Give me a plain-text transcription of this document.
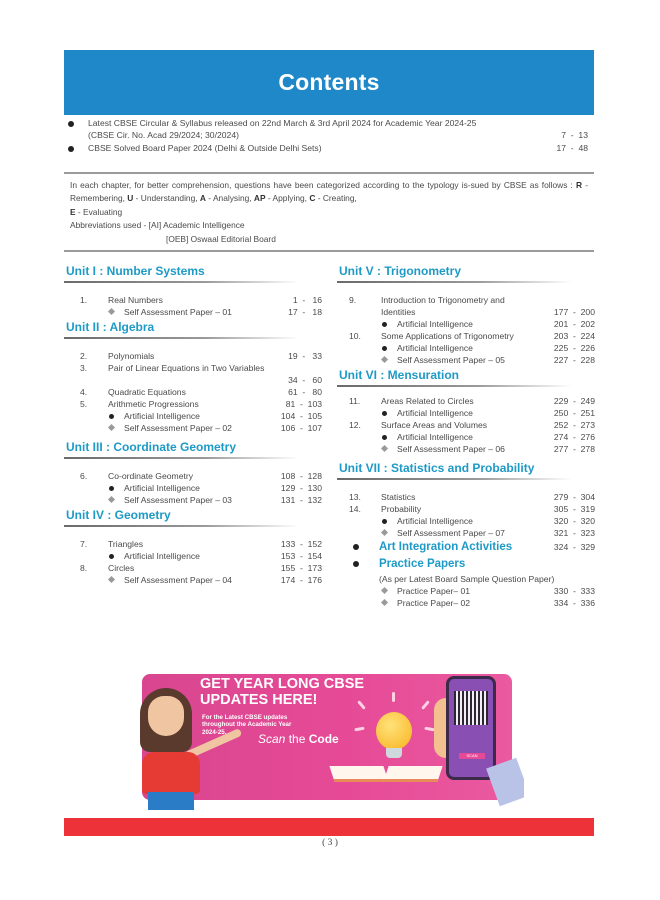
Contents
Latest CBSE Circular & Syllabus released on 22nd March & 3rd April 2024 for Academic Year 2024-25
(CBSE Cir. No. Acad 29/2024; 30/2024)	7  -  13
CBSE Solved Board Paper 2024 (Delhi & Outside Delhi Sets)	17  -  48
In each chapter, for better comprehension, questions have been categorized according to the typology is-sued by CBSE as follows : R - Remembering, U - Understanding, A - Analysing, AP - Applying, C - Creating,
E - Evaluating
Abbreviations used - [AI] Academic Intelligence
[OEB] Oswaal Editorial Board
Unit I : Number Systems
1. Real Numbers	1  -   16
Self Assessment Paper – 01	17  -   18
Unit II : Algebra
2. Polynomials	19  -   33
3. Pair of Linear Equations in Two Variables
34  -   60
4. Quadratic Equations	61  -   80
5. Arithmetic Progressions	81  -  103
Artificial Intelligence	104  -  105
Self Assessment Paper – 02	106  -  107
Unit III : Coordinate Geometry
6. Co-ordinate Geometry	108  -  128
Artificial Intelligence	129  -  130
Self Assessment Paper – 03	131  -  132
Unit IV : Geometry
7. Triangles	133  -  152
Artificial Intelligence	153  -  154
8. Circles	155  -  173
Self Assessment Paper – 04	174  -  176
Unit V : Trigonometry
9.	Introduction to Trigonometry and Identities	177  -  200
Artificial Intelligence	201  -  202
10. Some Applications of Trigonometry	203  -  224
Artificial Intelligence	225  -  226
Self Assessment Paper – 05	227  -  228
Unit VI : Mensuration
11. Areas Related to Circles	229  -  249
Artificial Intelligence	250  -  251
12. Surface Areas and Volumes	252  -  273
Artificial Intelligence	274  -  276
Self Assessment Paper – 06	277  -  278
Unit VII : Statistics and Probability
13. Statistics	279  -  304
14. Probability	305  -  319
Artificial Intelligence	320  -  320
Self Assessment Paper – 07	321  -  323
Art Integration Activities	324  -  329
Practice Papers
(As per Latest Board Sample Question Paper)
Practice Paper– 01	330  -  333
Practice Paper– 02	334  -  336
GET YEAR LONG CBSE
UPDATES HERE!
For the Latest CBSE updates
throughout the Academic Year
2024-25.	Scan the Code
SCAN
( 3 )
